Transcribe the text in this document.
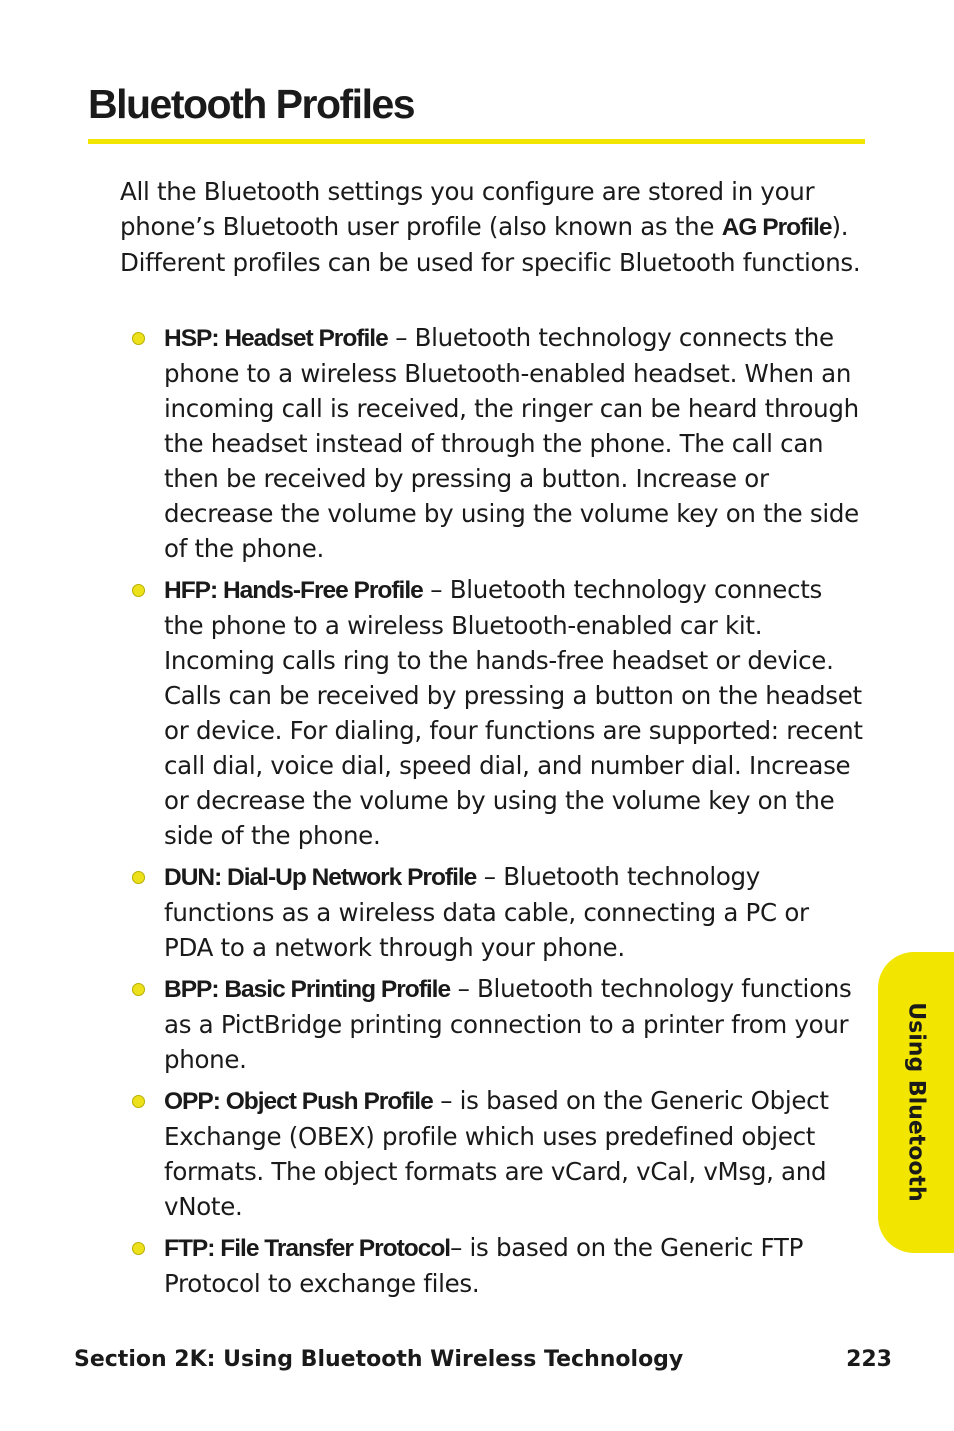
Bluetooth Profiles

All the Bluetooth settings you configure are stored in your phone’s Bluetooth user profile (also known as the AG Profile). Different profiles can be used for specific Bluetooth functions.

HSP: Headset Profile – Bluetooth technology connects the phone to a wireless Bluetooth-enabled headset. When an incoming call is received, the ringer can be heard through the headset instead of through the phone. The call can then be received by pressing a button. Increase or decrease the volume by using the volume key on the side of the phone.
HFP: Hands-Free Profile – Bluetooth technology connects the phone to a wireless Bluetooth-enabled car kit. Incoming calls ring to the hands-free headset or device. Calls can be received by pressing a button on the headset or device. For dialing, four functions are supported: recent call dial, voice dial, speed dial, and number dial. Increase or decrease the volume by using the volume key on the side of the phone.
DUN: Dial-Up Network Profile – Bluetooth technology functions as a wireless data cable, connecting a PC or PDA to a network through your phone.
BPP: Basic Printing Profile – Bluetooth technology functions as a PictBridge printing connection to a printer from your phone.
OPP: Object Push Profile – is based on the Generic Object Exchange (OBEX) profile which uses predefined object formats. The object formats are vCard, vCal, vMsg, and vNote.
FTP: File Transfer Protocol– is based on the Generic FTP Protocol to exchange files.
Using Bluetooth
Section 2K: Using Bluetooth Wireless Technology	223
